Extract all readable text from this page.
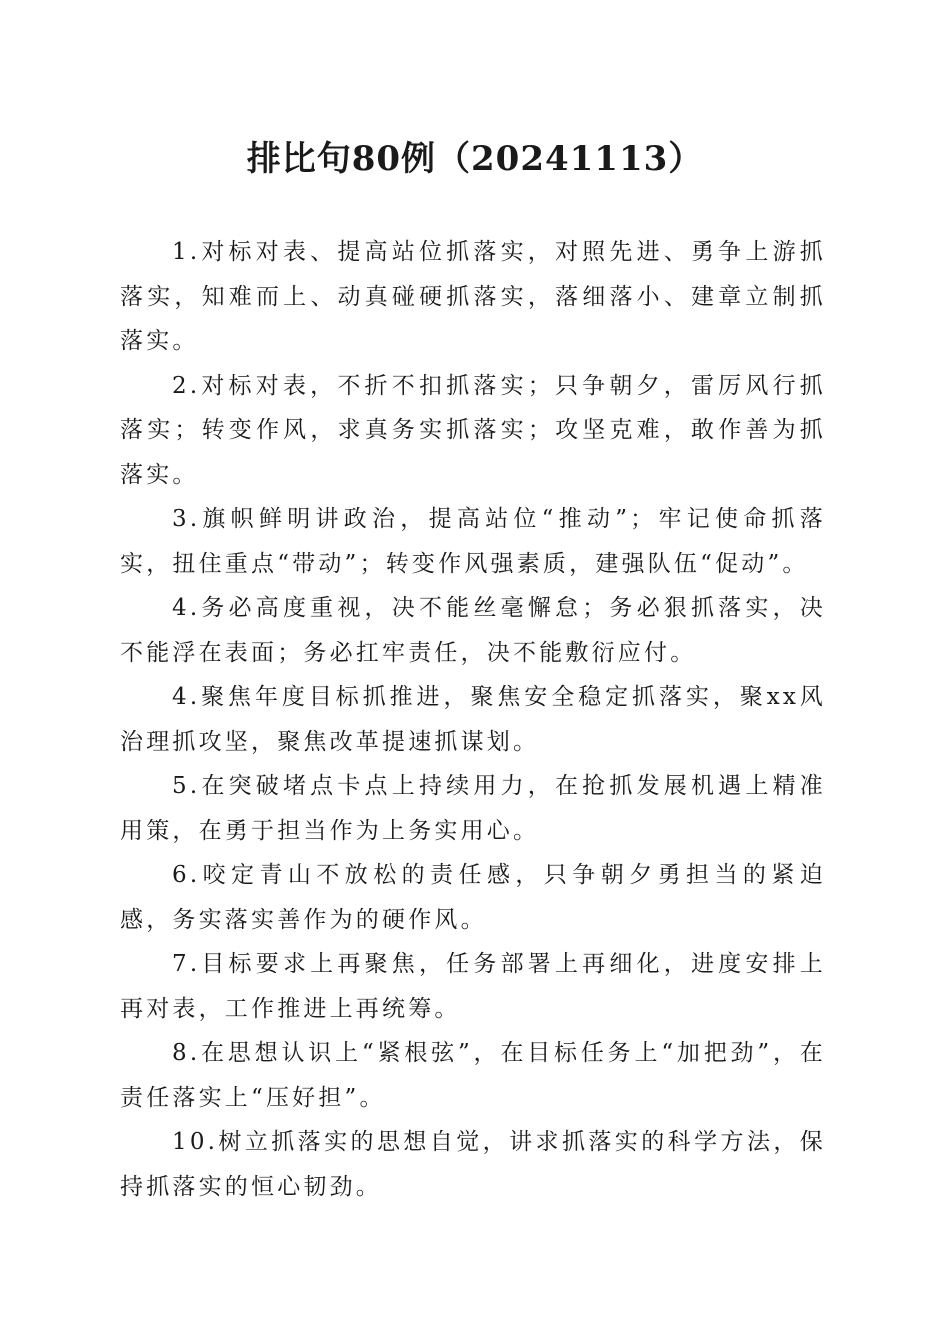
排比句80例（20241113）

1.对标对表、提高站位抓落实，对照先进、勇争上游抓落实，知难而上、动真碰硬抓落实，落细落小、建章立制抓落实。

2.对标对表，不折不扣抓落实；只争朝夕，雷厉风行抓落实；转变作风，求真务实抓落实；攻坚克难，敢作善为抓落实。

3.旗帜鲜明讲政治，提高站位“推动”；牢记使命抓落实，扭住重点“带动”；转变作风强素质，建强队伍“促动”。

4.务必高度重视，决不能丝毫懈怠；务必狠抓落实，决不能浮在表面；务必扛牢责任，决不能敷衍应付。

4.聚焦年度目标抓推进，聚焦安全稳定抓落实，聚xx风治理抓攻坚，聚焦改革提速抓谋划。

5.在突破堵点卡点上持续用力，在抢抓发展机遇上精准用策，在勇于担当作为上务实用心。

6.咬定青山不放松的责任感，只争朝夕勇担当的紧迫感，务实落实善作为的硬作风。

7.目标要求上再聚焦，任务部署上再细化，进度安排上再对表，工作推进上再统筹。

8.在思想认识上“紧根弦”，在目标任务上“加把劲”，在责任落实上“压好担”。

10.树立抓落实的思想自觉，讲求抓落实的科学方法，保持抓落实的恒心韧劲。
